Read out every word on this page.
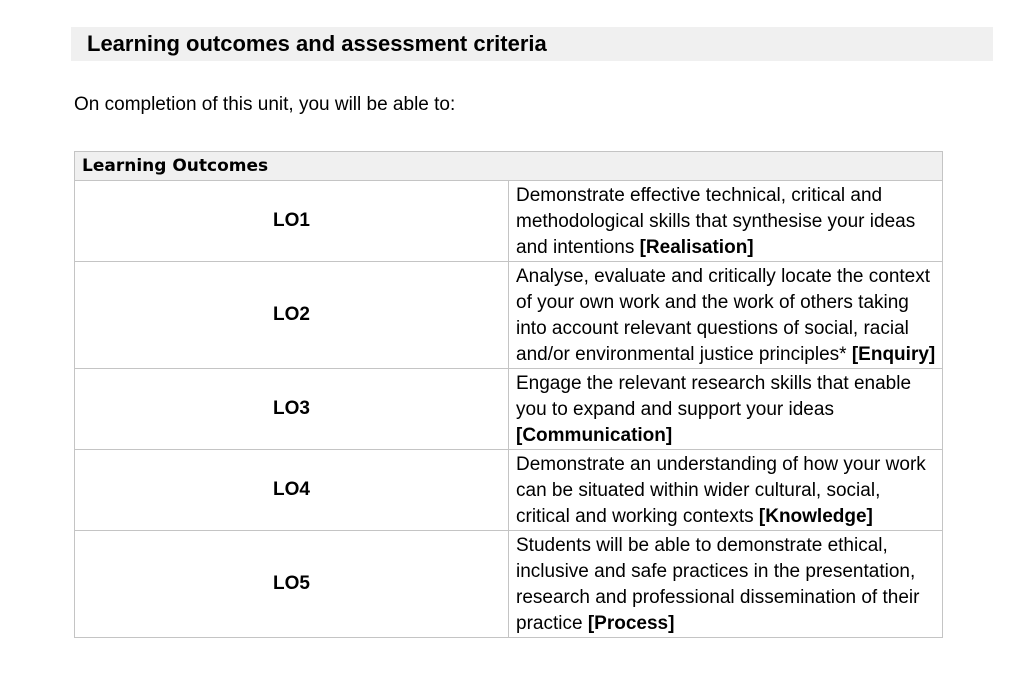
Learning outcomes and assessment criteria
On completion of this unit, you will be able to:
Learning Outcomes	
LO1	Demonstrate effective technical, critical and methodological skills that synthesise your ideas and intentions [Realisation]
LO2	Analyse, evaluate and critically locate the context of your own work and the work of others taking into account relevant questions of social, racial and/or environmental justice principles* [Enquiry]
LO3	Engage the relevant research skills that enable you to expand and support your ideas [Communication]
LO4	Demonstrate an understanding of how your work can be situated within wider cultural, social, critical and working contexts [Knowledge]
LO5	Students will be able to demonstrate ethical, inclusive and safe practices in the presentation, research and professional dissemination of their practice [Process]
